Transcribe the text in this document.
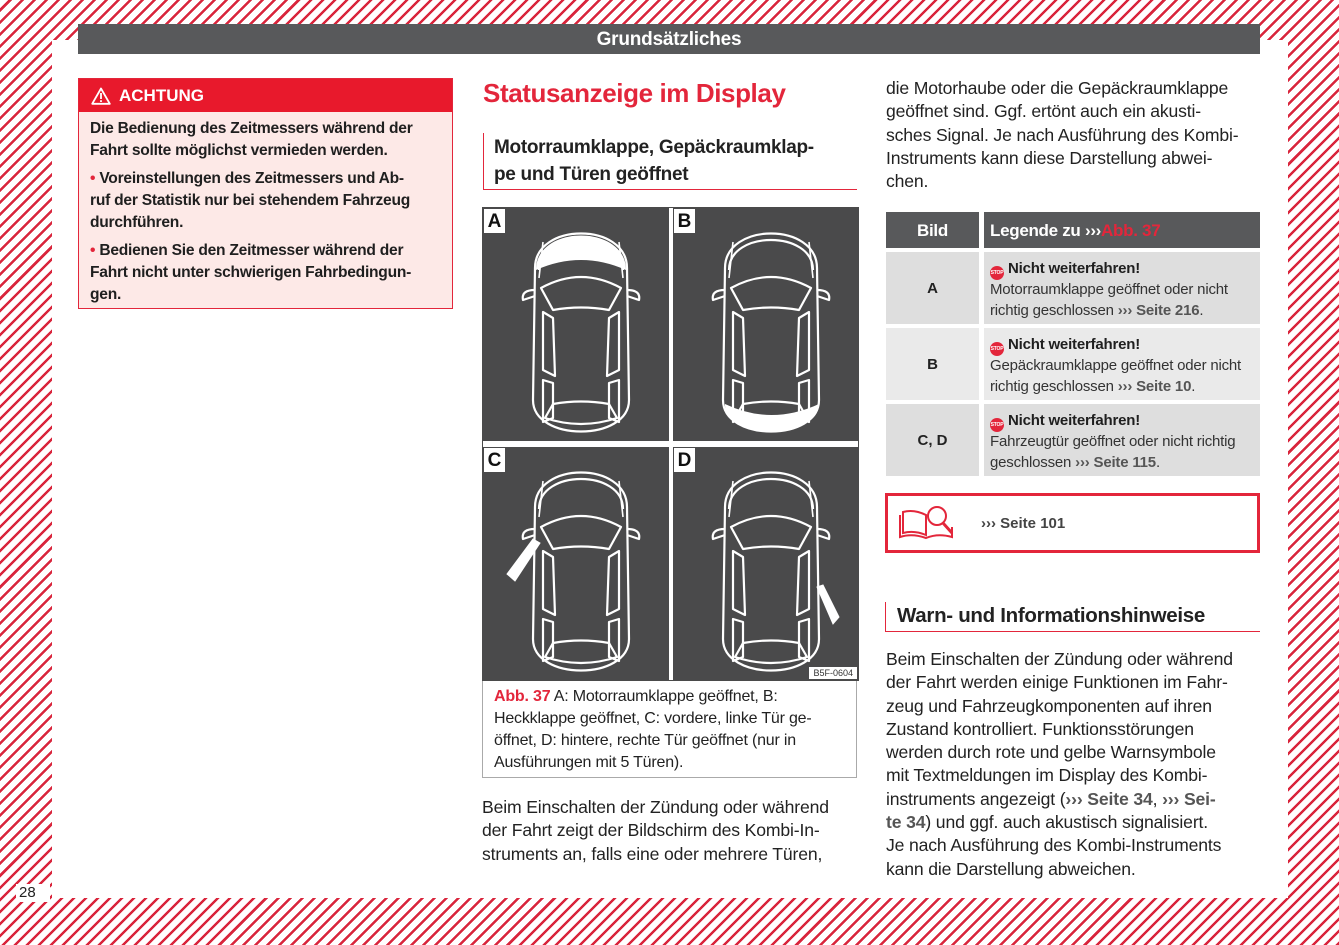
Grundsätzliches
ACHTUNG
Die Bedienung des Zeitmessers während der
Fahrt sollte möglichst vermieden werden.
• Voreinstellungen des Zeitmessers und Ab-
ruf der Statistik nur bei stehendem Fahrzeug
durchführen.
• Bedienen Sie den Zeitmesser während der
Fahrt nicht unter schwierigen Fahrbedingun-
gen.
Statusanzeige im Display
Motorraumklappe, Gepäckraumklap-
pe und Türen geöffnet
A	B
C	D
B5F-0604
Abb. 37 A: Motorraumklappe geöffnet, B:
Heckklappe geöffnet, C: vordere, linke Tür ge-
öffnet, D: hintere, rechte Tür geöffnet (nur in
Ausführungen mit 5 Türen).
Beim Einschalten der Zündung oder während
der Fahrt zeigt der Bildschirm des Kombi-In-
struments an, falls eine oder mehrere Türen,
die Motorhaube oder die Gepäckraumklappe
geöffnet sind. Ggf. ertönt auch ein akusti-
sches Signal. Je nach Ausführung des Kombi-
Instruments kann diese Darstellung abwei-
chen.
Bild	Legende zu ›››Abb. 37
A
STOP Nicht weiterfahren!
Motorraumklappe geöffnet oder nicht
richtig geschlossen ››› Seite 216.
B
STOP Nicht weiterfahren!
Gepäckraumklappe geöffnet oder nicht
richtig geschlossen ››› Seite 10.
C, D
STOP Nicht weiterfahren!
Fahrzeugtür geöffnet oder nicht richtig
geschlossen ››› Seite 115.
››› Seite 101
Warn- und Informationshinweise
Beim Einschalten der Zündung oder während
der Fahrt werden einige Funktionen im Fahr-
zeug und Fahrzeugkomponenten auf ihren
Zustand kontrolliert. Funktionsstörungen
werden durch rote und gelbe Warnsymbole
mit Textmeldungen im Display des Kombi-
instruments angezeigt (››› Seite 34, ››› Sei-
te 34) und ggf. auch akustisch signalisiert.
Je nach Ausführung des Kombi-Instruments
kann die Darstellung abweichen.
28
